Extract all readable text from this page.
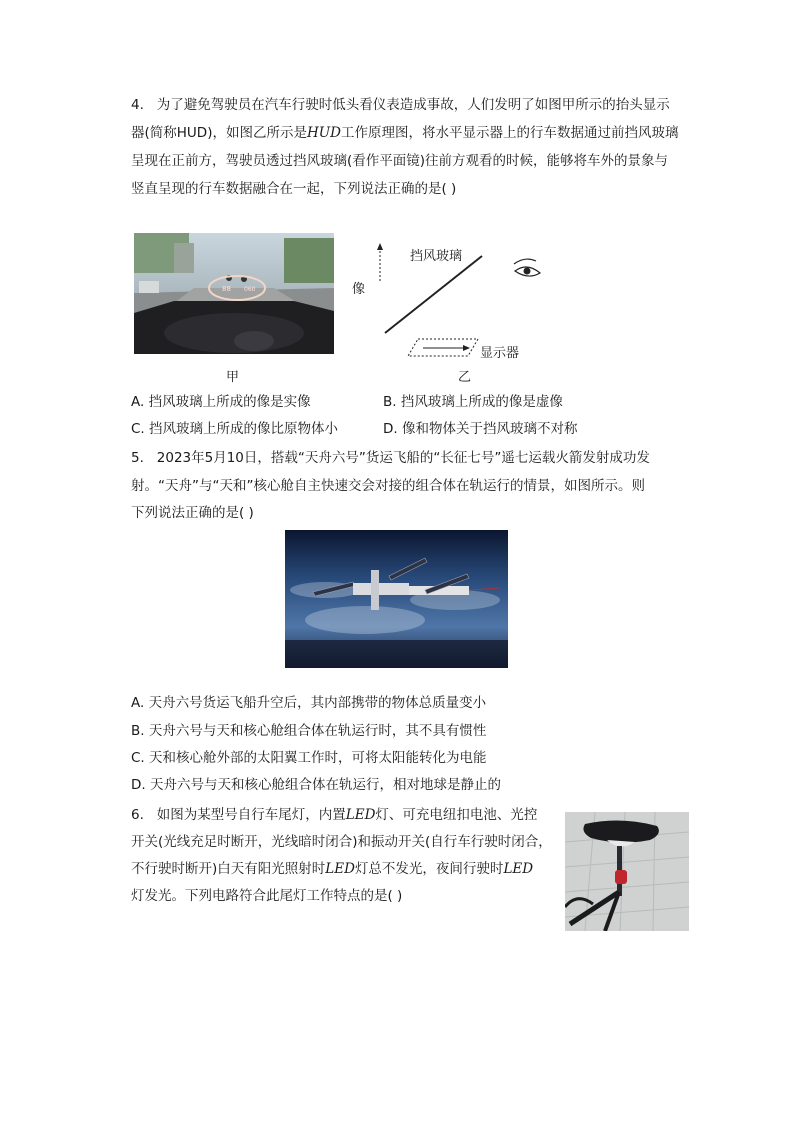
4. 为了避免驾驶员在汽车行驶时低头看仪表造成事故，人们发明了如图甲所示的抬头显示
器(简称HUD)，如图乙所示是HUD工作原理图，将水平显示器上的行车数据通过前挡风玻璃
呈现在正前方，驾驶员透过挡风玻璃(看作平面镜)往前方观看的时候，能够将车外的景象与
竖直呈现的行车数据融合在一起，下列说法正确的是( )
88 060
甲
挡风玻璃
像
显示器
乙
A. 挡风玻璃上所成的像是实像	B. 挡风玻璃上所成的像是虚像
C. 挡风玻璃上所成的像比原物体小	D. 像和物体关于挡风玻璃不对称
5. 2023年5月10日，搭载“天舟六号”货运飞船的“长征七号”遥七运载火箭发射成功发
射。“天舟”与“天和”核心舱自主快速交会对接的组合体在轨运行的情景，如图所示。则
下列说法正确的是( )
A. 天舟六号货运飞船升空后，其内部携带的物体总质量变小
B. 天舟六号与天和核心舱组合体在轨运行时，其不具有惯性
C. 天和核心舱外部的太阳翼工作时，可将太阳能转化为电能
D. 天舟六号与天和核心舱组合体在轨运行，相对地球是静止的
6. 如图为某型号自行车尾灯，内置LED灯、可充电纽扣电池、光控
开关(光线充足时断开，光线暗时闭合)和振动开关(自行车行驶时闭合，
不行驶时断开)白天有阳光照射时LED灯总不发光，夜间行驶时LED
灯发光。下列电路符合此尾灯工作特点的是( )
